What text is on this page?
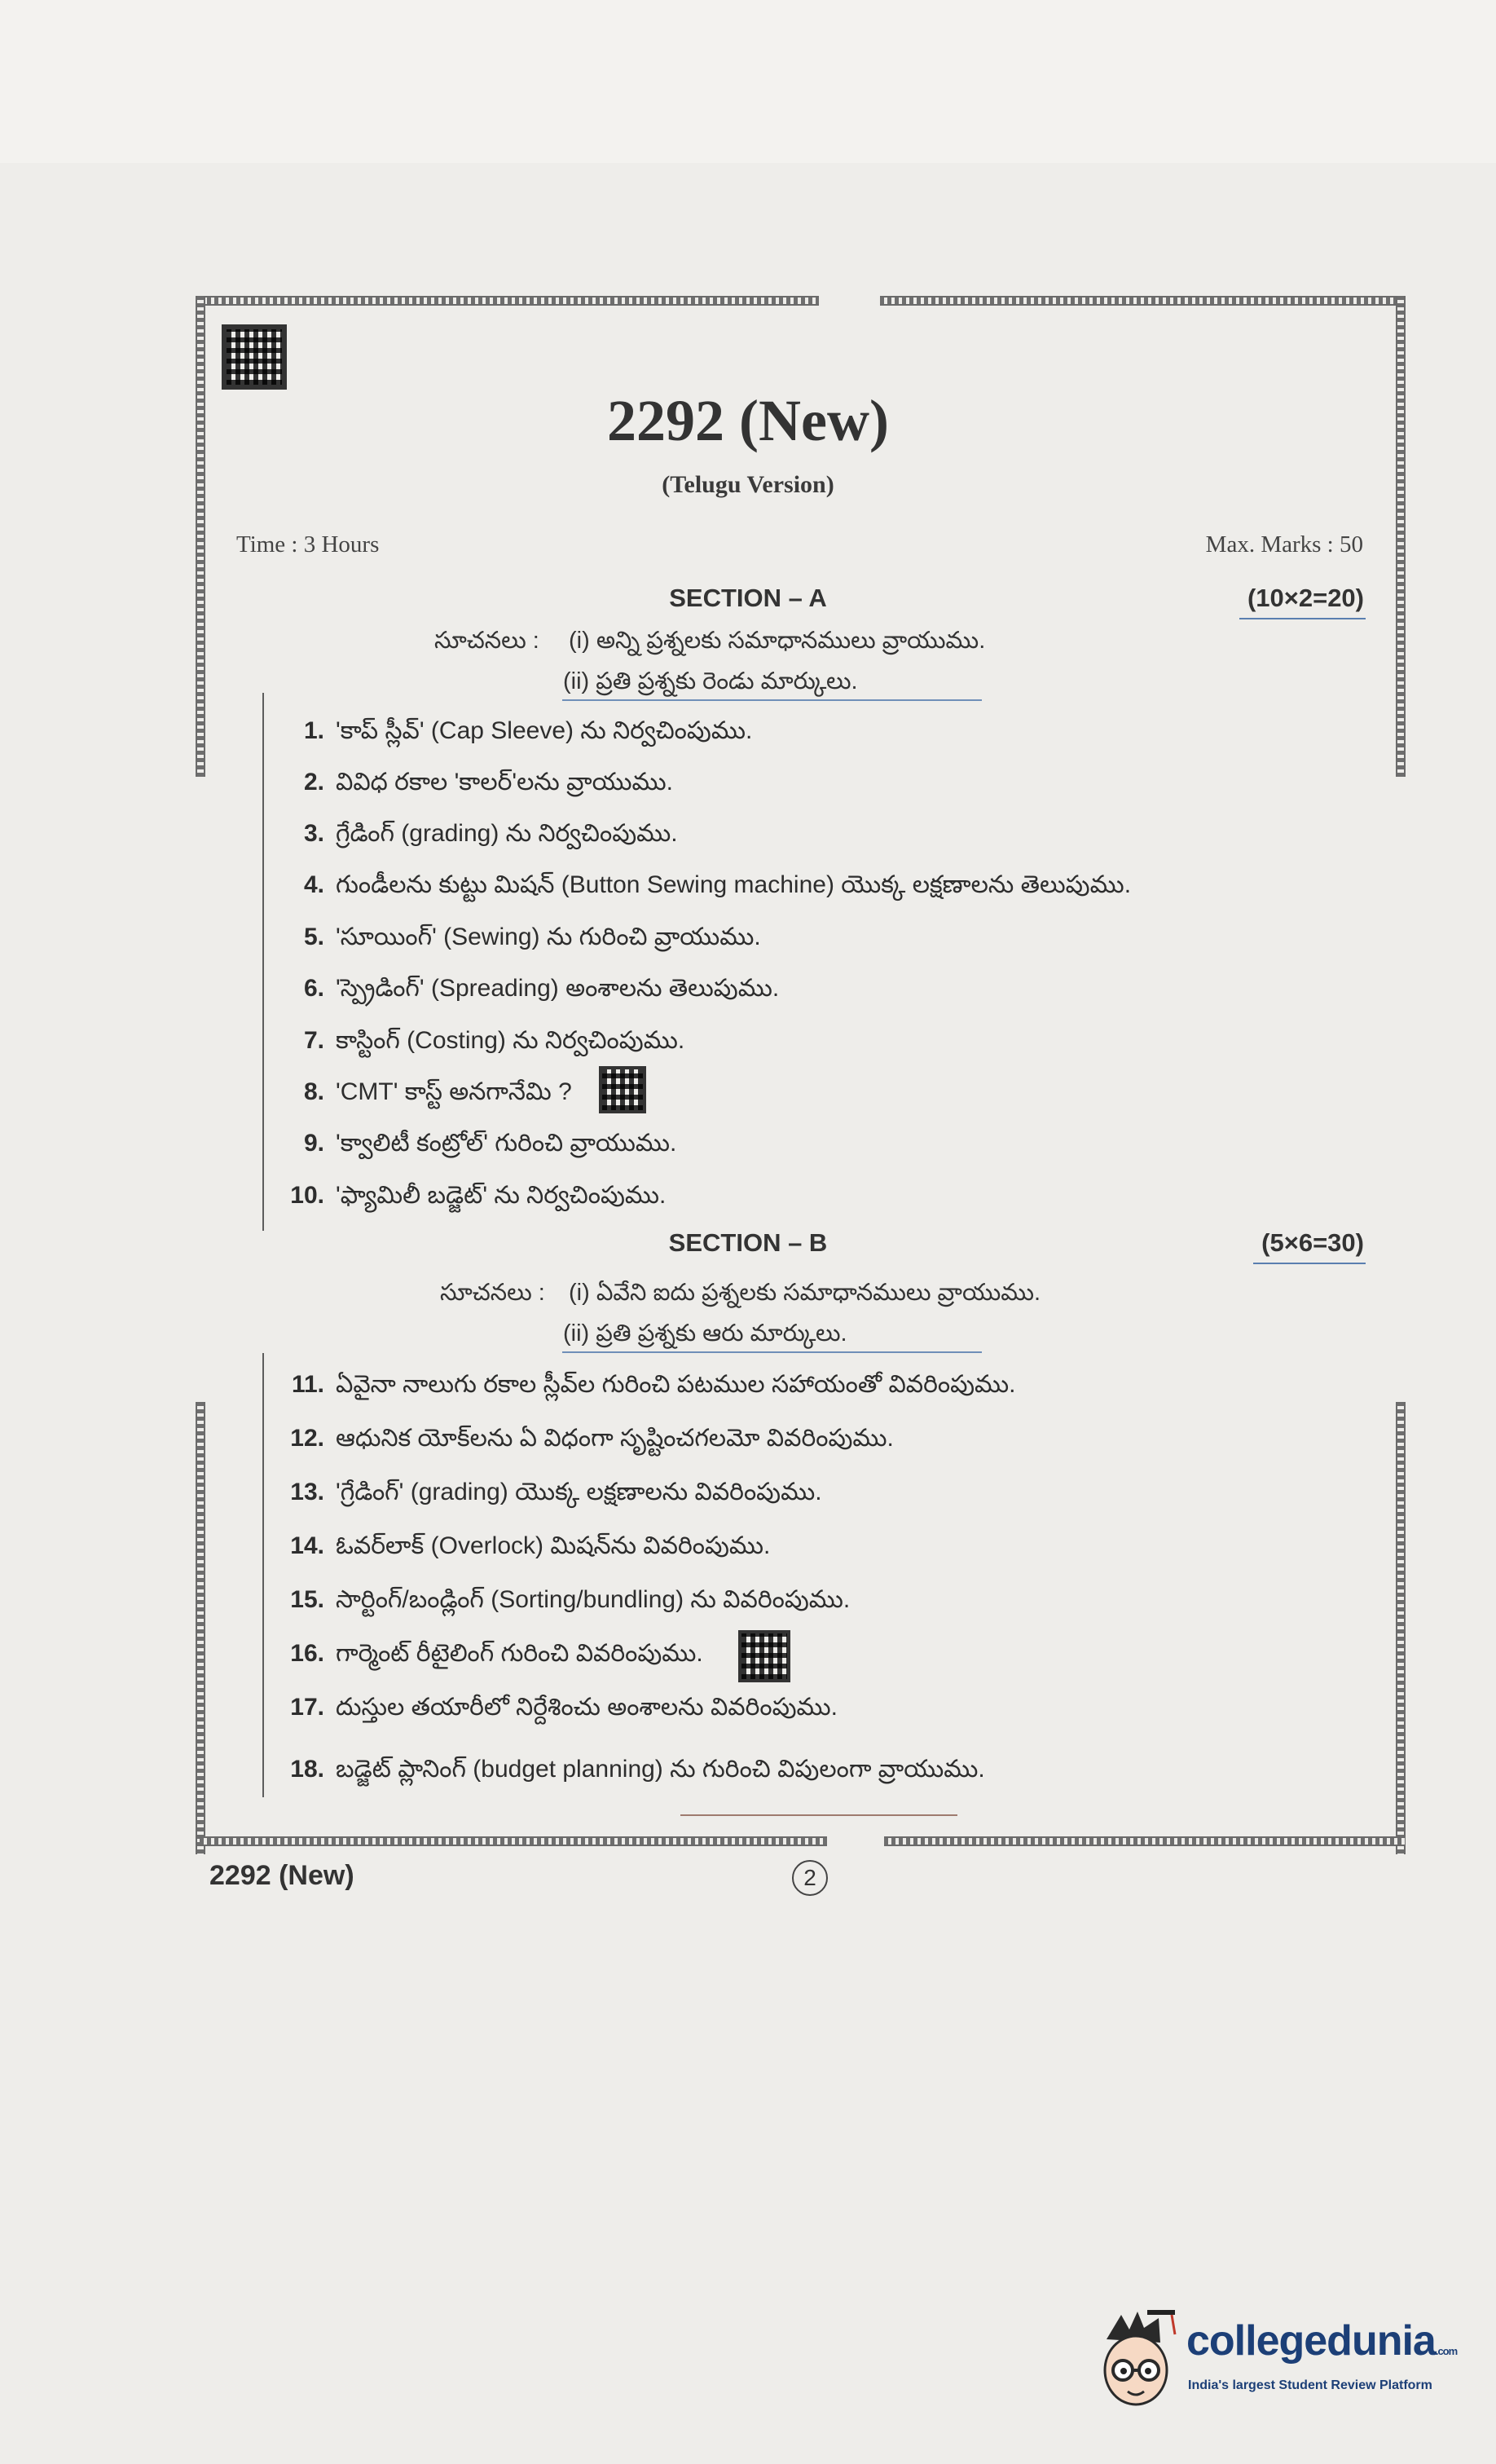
2292 (New)
(Telugu Version)
Time : 3 Hours	Max. Marks : 50
SECTION – A	(10×2=20)
సూచనలు : (i) అన్ని ప్రశ్నలకు సమాధానములు వ్రాయుము.
(ii) ప్రతి ప్రశ్నకు రెండు మార్కులు.
1. 'కాప్ స్లీవ్' (Cap Sleeve) ను నిర్వచింపుము.
2. వివిధ రకాల 'కాలర్'లను వ్రాయుము.
3. గ్రేడింగ్ (grading) ను నిర్వచింపుము.
4. గుండీలను కుట్టు మిషన్ (Button Sewing machine) యొక్క లక్షణాలను తెలుపుము.
5. 'సూయింగ్' (Sewing) ను గురించి వ్రాయుము.
6. 'స్ప్రెడింగ్' (Spreading) అంశాలను తెలుపుము.
7. కాస్టింగ్ (Costing) ను నిర్వచింపుము.
8. 'CMT' కాస్ట్ అనగానేమి ?
9. 'క్వాలిటీ కంట్రోల్' గురించి వ్రాయుము.
10. 'ఫ్యామిలీ బడ్జెట్' ను నిర్వచింపుము.
SECTION – B	(5×6=30)
సూచనలు : (i) ఏవేని ఐదు ప్రశ్నలకు సమాధానములు వ్రాయుము.
(ii) ప్రతి ప్రశ్నకు ఆరు మార్కులు.
11. ఏవైనా నాలుగు రకాల స్లీవ్‌ల గురించి పటముల సహాయంతో వివరింపుము.
12. ఆధునిక యోక్‌లను ఏ విధంగా సృష్టించగలమో వివరింపుము.
13. 'గ్రేడింగ్' (grading) యొక్క లక్షణాలను వివరింపుము.
14. ఓవర్‌లాక్ (Overlock) మిషన్‌ను వివరింపుము.
15. సార్టింగ్/బండ్లింగ్ (Sorting/bundling) ను వివరింపుము.
16. గార్మెంట్ రీటైలింగ్ గురించి వివరింపుము.
17. దుస్తుల తయారీలో నిర్దేశించు అంశాలను వివరింపుము.
18. బడ్జెట్ ప్లానింగ్ (budget planning) ను గురించి విపులంగా వ్రాయుము.
2292 (New)	2
collegedunia.com
India's largest Student Review Platform
